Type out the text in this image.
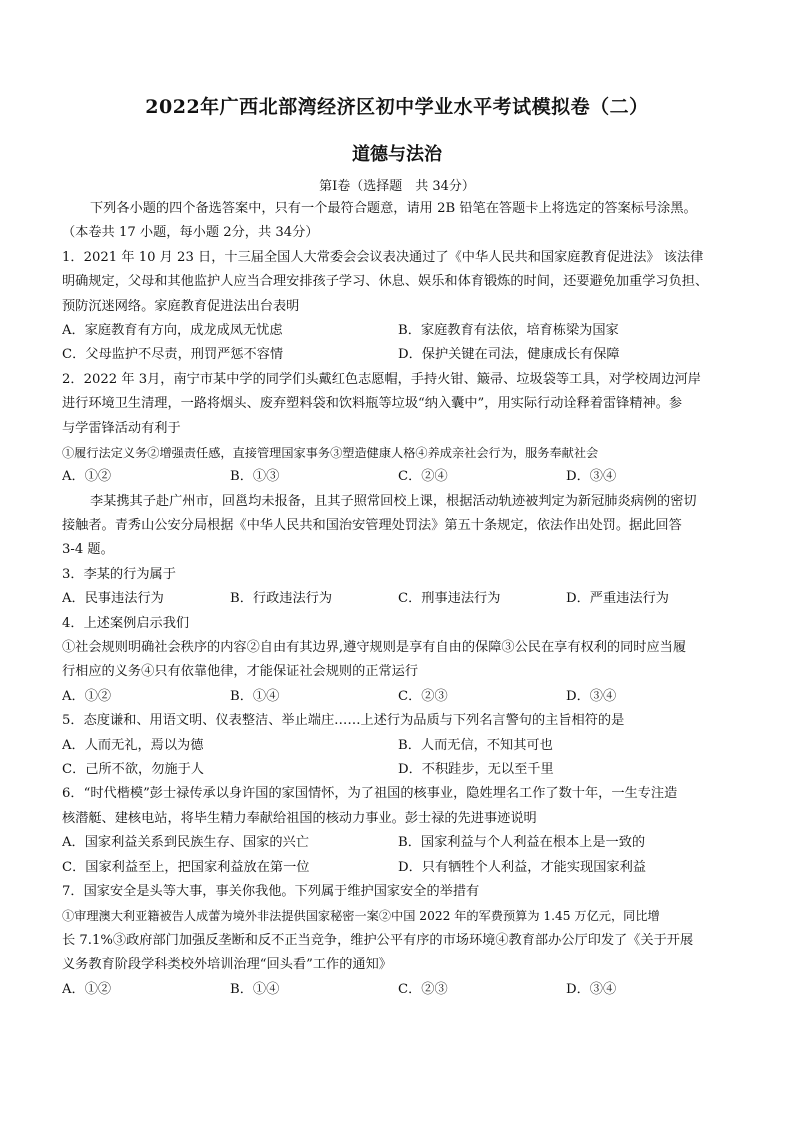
2022年广西北部湾经济区初中学业水平考试模拟卷（二）
道德与法治
第Ⅰ卷（选择题　共 34分）
下列各小题的四个备选答案中，只有一个最符合题意，请用 2B 铅笔在答题卡上将选定的答案标号涂黑。
（本卷共 17 小题，每小题 2分，共 34分）
1．2021 年 10 月 23 日，十三届全国人大常委会会议表决通过了《中华人民共和国家庭教育促进法》 该法律
明确规定，父母和其他监护人应当合理安排孩子学习、休息、娱乐和体育锻炼的时间，还要避免加重学习负担、
预防沉迷网络。家庭教育促进法出台表明
A．家庭教育有方向，成龙成凤无忧虑	B．家庭教育有法依，培育栋梁为国家
C．父母监护不尽责，刑罚严惩不容情	D．保护关键在司法，健康成长有保障
2．2022 年 3月，南宁市某中学的同学们头戴红色志愿帽，手持火钳、簸帚、垃圾袋等工具，对学校周边河岸
进行环境卫生清理，一路将烟头、废弃塑料袋和饮料瓶等垃圾“纳入囊中”，用实际行动诠释着雷锋精神。参
与学雷锋活动有利于
①履行法定义务②增强责任感，直接管理国家事务③塑造健康人格④养成亲社会行为，服务奉献社会
A．①②	B．①③	C．②④	D．③④
李某携其子赴广州市，回邕均未报备，且其子照常回校上课，根据活动轨迹被判定为新冠肺炎病例的密切
接触者。青秀山公安分局根据《中华人民共和国治安管理处罚法》第五十条规定，依法作出处罚。据此回答
3-4 题。
3．李某的行为属于
A．民事违法行为	B．行政违法行为	C．刑事违法行为	D．严重违法行为
4．上述案例启示我们
①社会规则明确社会秩序的内容②自由有其边界,遵守规则是享有自由的保障③公民在享有权利的同时应当履
行相应的义务④只有依靠他律，才能保证社会规则的正常运行
A．①②	B．①④	C．②③	D．③④
5．态度谦和、用语文明、仪表整洁、举止端庄……上述行为品质与下列名言警句的主旨相符的是
A．人而无礼，焉以为德	B．人而无信，不知其可也
C．己所不欲，勿施于人	D．不积跬步，无以至千里
6．“时代楷模”彭士禄传承以身许国的家国情怀，为了祖国的核事业，隐姓埋名工作了数十年，一生专注造
核潜艇、建核电站，将毕生精力奉献给祖国的核动力事业。彭士禄的先进事迹说明
A．国家利益关系到民族生存、国家的兴亡	B．国家利益与个人利益在根本上是一致的
C．国家利益至上，把国家利益放在第一位	D．只有牺牲个人利益，才能实现国家利益
7．国家安全是头等大事，事关你我他。下列属于维护国家安全的举措有
①审理澳大利亚籍被告人成蕾为境外非法提供国家秘密一案②中国 2022 年的军费预算为 1.45 万亿元，同比增
长 7.1%③政府部门加强反垄断和反不正当竞争，维护公平有序的市场环境④教育部办公厅印发了《关于开展
义务教育阶段学科类校外培训治理“回头看”工作的通知》
A．①②	B．①④	C．②③	D．③④
